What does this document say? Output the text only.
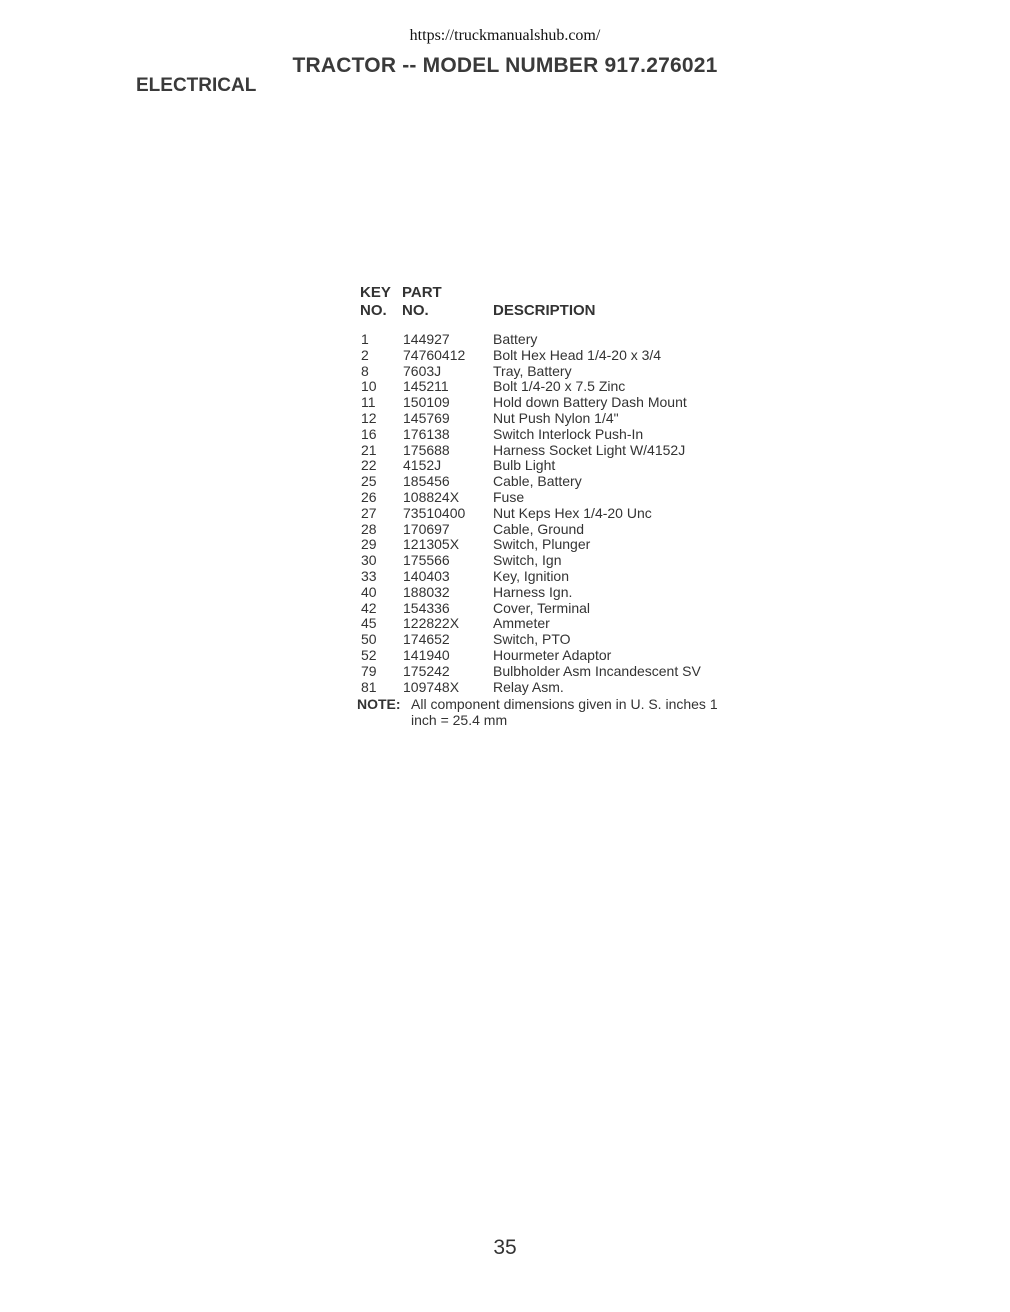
https://truckmanualshub.com/
TRACTOR -- MODEL NUMBER 917.276021
ELECTRICAL
KEY
NO.
PART
NO.	DESCRIPTION
1 144927	Battery
2 74760412 Bolt Hex Head 1/4-20 x 3/4
8 7603J	Tray, Battery
10 145211	Bolt 1/4-20 x 7.5 Zinc
11 150109	Hold down Battery Dash Mount
12 145769	Nut Push Nylon 1/4"
16 176138	Switch Interlock Push-In
21 175688	Harness Socket Light W/4152J
22 4152J	Bulb Light
25 185456	Cable, Battery
26 108824X Fuse
27 73510400 Nut Keps Hex 1/4-20 Unc
28 170697	Cable, Ground
29 121305X Switch, Plunger
30 175566	Switch, Ign
33 140403	Key, Ignition
40 188032	Harness Ign.
42 154336	Cover, Terminal
45 122822X Ammeter
50 174652	Switch, PTO
52 141940	Hourmeter Adaptor
79 175242	Bulbholder Asm Incandescent SV
81 109748X Relay Asm.
NOTE: All component dimensions given in U. S. inches 1 inch = 25.4 mm
35
